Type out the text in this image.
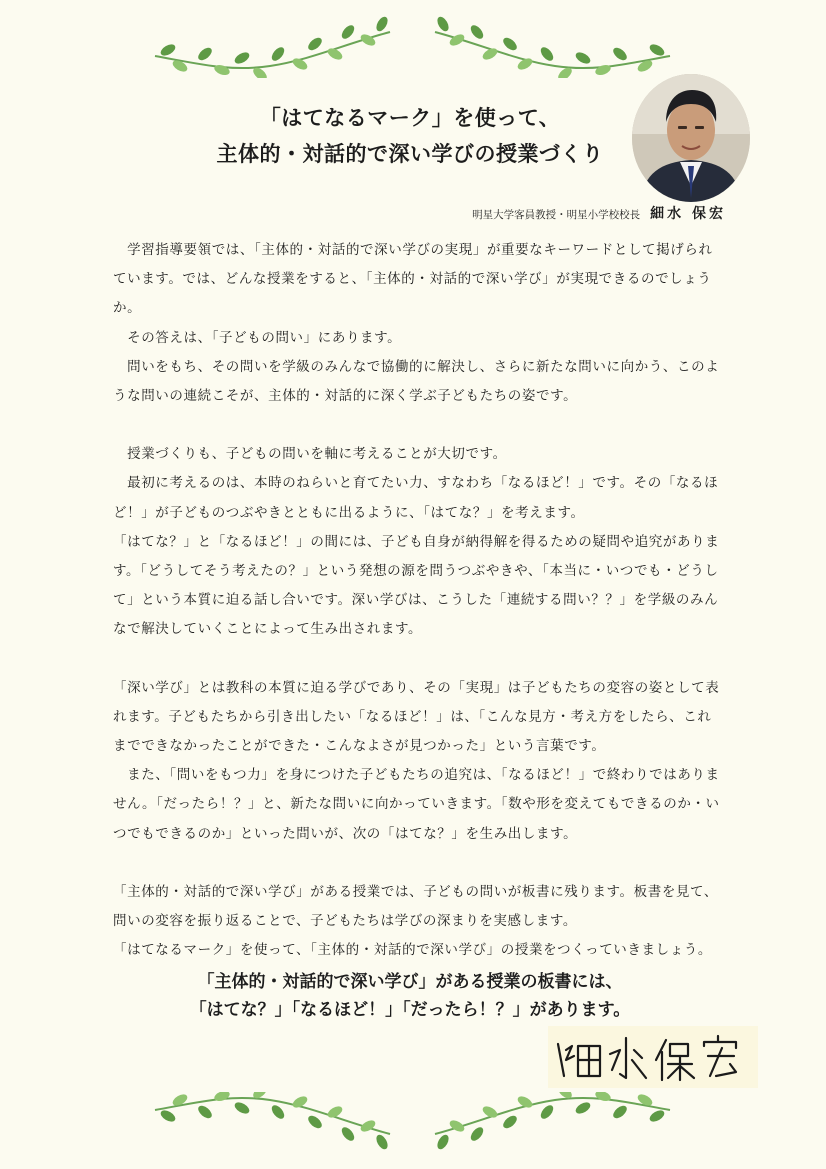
「はてなるマーク」を使って、
主体的・対話的で深い学びの授業づくり
明星大学客員教授・明星小学校校長 細水 保宏

　学習指導要領では、「主体的・対話的で深い学びの実現」が重要なキーワードとして掲げられています。では、どんな授業をすると、「主体的・対話的で深い学び」が実現できるのでしょうか。

　その答えは、「子どもの問い」にあります。

　問いをもち、その問いを学級のみんなで協働的に解決し、さらに新たな問いに向かう、このような問いの連続こそが、主体的・対話的に深く学ぶ子どもたちの姿です。

　授業づくりも、子どもの問いを軸に考えることが大切です。

　最初に考えるのは、本時のねらいと育てたい力、すなわち「なるほど！」です。その「なるほど！」が子どものつぶやきとともに出るように、「はてな？」を考えます。

「はてな？」と「なるほど！」の間には、子ども自身が納得解を得るための疑問や追究があります。「どうしてそう考えたの？」という発想の源を問うつぶやきや、「本当に・いつでも・どうして」という本質に迫る話し合いです。深い学びは、こうした「連続する問い？？」を学級のみんなで解決していくことによって生み出されます。

「深い学び」とは教科の本質に迫る学びであり、その「実現」は子どもたちの変容の姿として表れます。子どもたちから引き出したい「なるほど！」は、「こんな見方・考え方をしたら、これまでできなかったことができた・こんなよさが見つかった」という言葉です。

　また、「問いをもつ力」を身につけた子どもたちの追究は、「なるほど！」で終わりではありません。「だったら！？」と、新たな問いに向かっていきます。「数や形を変えてもできるのか・いつでもできるのか」といった問いが、次の「はてな？」を生み出します。

「主体的・対話的で深い学び」がある授業では、子どもの問いが板書に残ります。板書を見て、問いの変容を振り返ることで、子どもたちは学びの深まりを実感します。

「はてなるマーク」を使って、「主体的・対話的で深い学び」の授業をつくっていきましょう。

「主体的・対話的で深い学び」がある授業の板書には、
「はてな？」「なるほど！」「だったら！？」があります。
